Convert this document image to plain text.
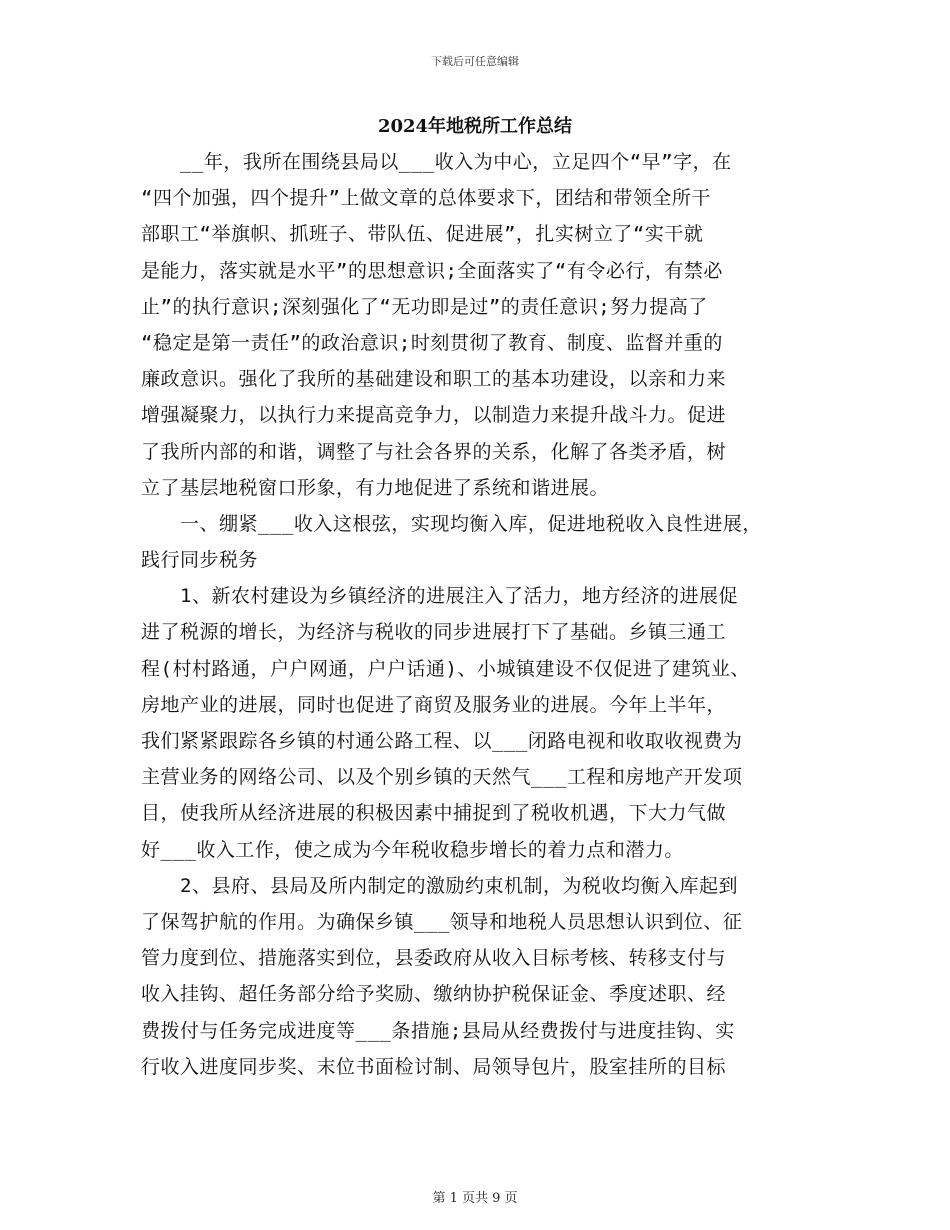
下载后可任意编辑
2024年地税所工作总结
　　__年，我所在围绕县局以___收入为中心，立足四个“早”字，在
“四个加强，四个提升”上做文章的总体要求下，团结和带领全所干
部职工“举旗帜、抓班子、带队伍、促进展”，扎实树立了“实干就
是能力，落实就是水平”的思想意识;全面落实了“有令必行，有禁必
止”的执行意识;深刻强化了“无功即是过”的责任意识;努力提高了
“稳定是第一责任”的政治意识;时刻贯彻了教育、制度、监督并重的
廉政意识。强化了我所的基础建设和职工的基本功建设，以亲和力来
增强凝聚力，以执行力来提高竞争力，以制造力来提升战斗力。促进
了我所内部的和谐，调整了与社会各界的关系，化解了各类矛盾，树
立了基层地税窗口形象，有力地促进了系统和谐进展。
　　一、绷紧___收入这根弦，实现均衡入库，促进地税收入良性进展，
践行同步税务
　　1、新农村建设为乡镇经济的进展注入了活力，地方经济的进展促
进了税源的增长，为经济与税收的同步进展打下了基础。乡镇三通工
程(村村路通，户户网通，户户话通)、小城镇建设不仅促进了建筑业、
房地产业的进展，同时也促进了商贸及服务业的进展。今年上半年，
我们紧紧跟踪各乡镇的村通公路工程、以___闭路电视和收取收视费为
主营业务的网络公司、以及个别乡镇的天然气___工程和房地产开发项
目，使我所从经济进展的积极因素中捕捉到了税收机遇，下大力气做
好___收入工作，使之成为今年税收稳步增长的着力点和潜力。
　　2、县府、县局及所内制定的激励约束机制，为税收均衡入库起到
了保驾护航的作用。为确保乡镇___领导和地税人员思想认识到位、征
管力度到位、措施落实到位，县委政府从收入目标考核、转移支付与
收入挂钩、超任务部分给予奖励、缴纳协护税保证金、季度述职、经
费拨付与任务完成进度等___条措施;县局从经费拨付与进度挂钩、实
行收入进度同步奖、末位书面检讨制、局领导包片，股室挂所的目标
第 1 页共 9 页
